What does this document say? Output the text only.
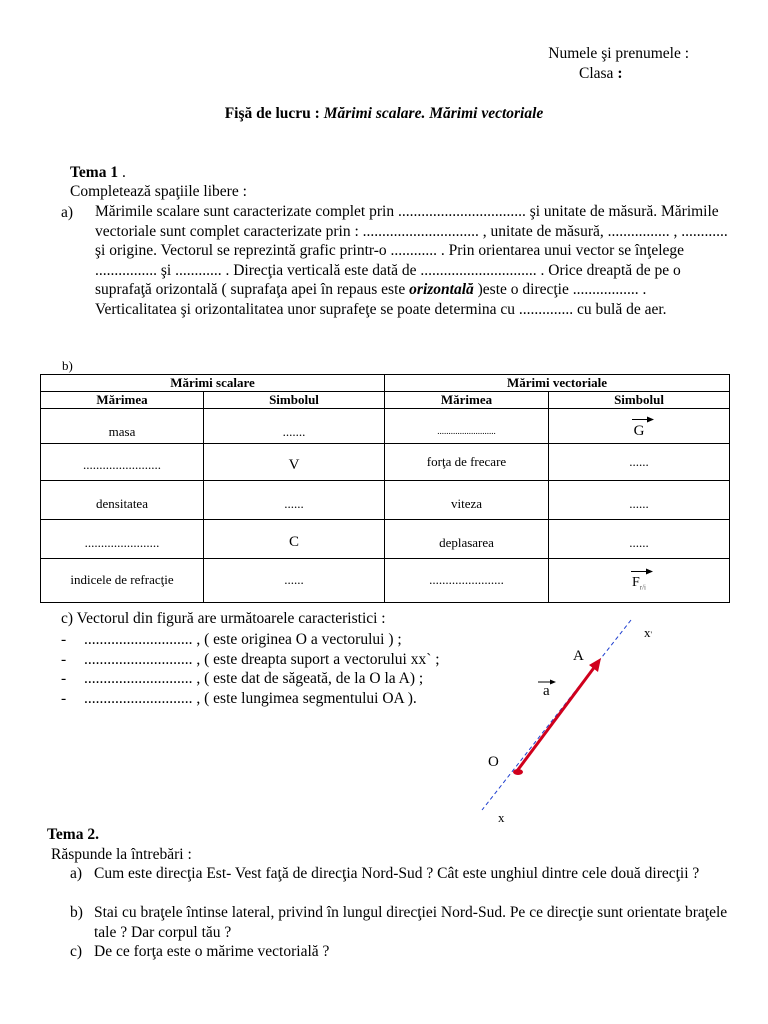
Numele şi prenumele :
Clasa :
Fişă de lucru : Mărimi scalare. Mărimi vectoriale
Tema 1 .
Completează spaţiile libere :
a) Mărimile scalare sunt caracterizate complet prin ................................. şi unitate de măsură. Mărimile vectoriale sunt complet caracterizate prin : .............................. , unitate de măsură, ................ , ............ şi origine. Vectorul se reprezintă grafic printr-o ............ . Prin orientarea unui vector se înţelege ................ şi ............ . Direcţia verticală este dată de .............................. . Orice dreaptă de pe o suprafaţă orizontală ( suprafaţa apei în repaus este orizontală )este o direcţie ................. . Verticalitatea şi orizontalitatea unor suprafeţe se poate determina cu .............. cu bulă de aer.
b)
Mărimi scalare		Mărimi vectoriale	
Mărimea	Simbolul	Mărimea	Simbolul
masa	.......	..........................	G
........................	V	forţa de frecare	......
densitatea	......	viteza	......
.......................	C	deplasarea	......
indicele de refracţie	......	.......................	$F_{r/i}$
c) Vectorul din figură are următoarele caracteristici :
- ............................ , ( este originea O a vectorului ) ;
- ............................ , ( este dreapta suport a vectorului xx` ;
- ............................ , ( este dat de săgeată, de la O la A) ;
- ............................ , ( este lungimea segmentului OA ).
x'
A
a
O
x
Tema 2.
Răspunde la întrebări :
a) Cum este direcţia Est- Vest faţă de direcţia Nord-Sud ? Cât este unghiul dintre cele două direcţii ?
b) Stai cu braţele întinse lateral, privind în lungul direcţiei Nord-Sud. Pe ce direcţie sunt orientate braţele tale ? Dar corpul tău ?
c) De ce forţa este o mărime vectorială ?
